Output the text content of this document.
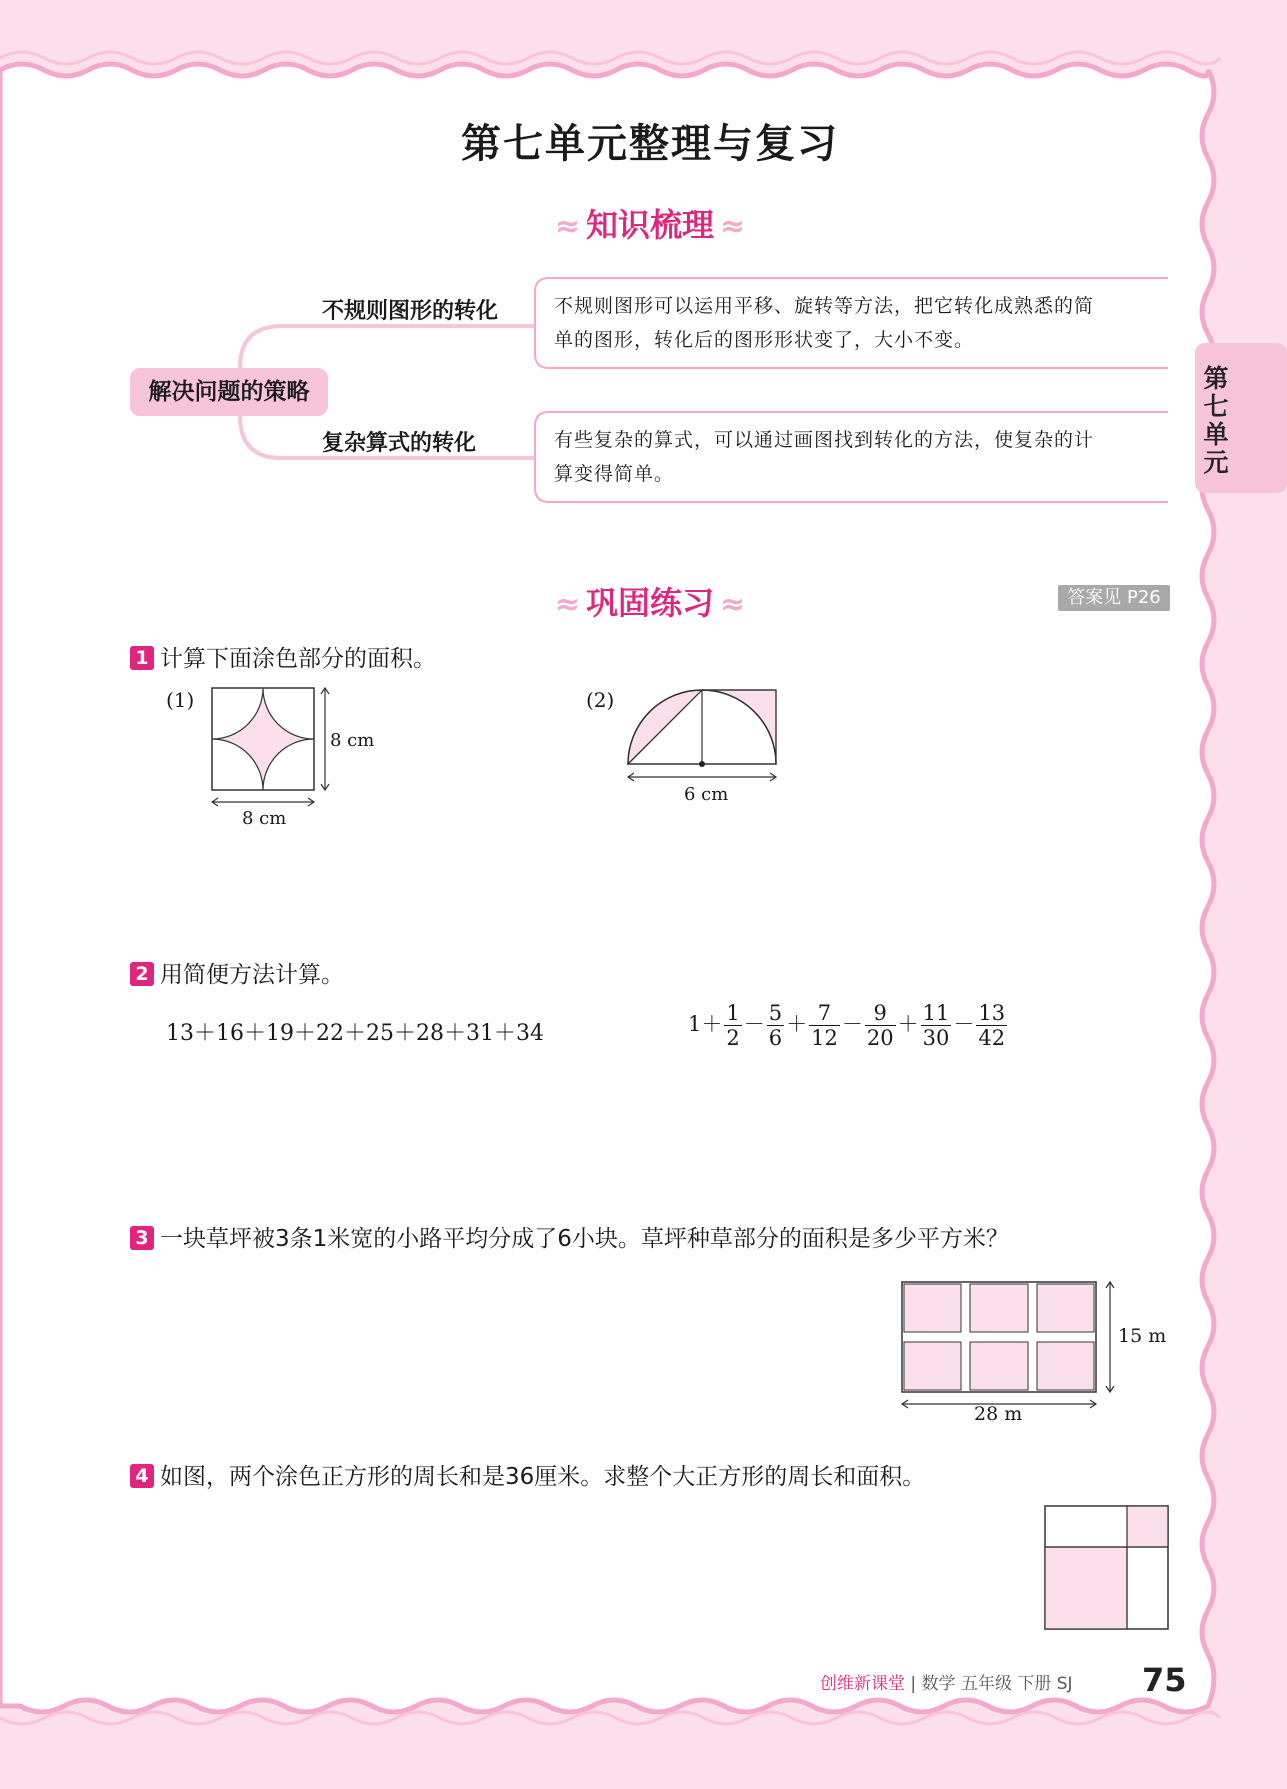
第七单元
第七单元整理与复习
≈ 知识梳理 ≈
解决问题的策略
不规则图形的转化
复杂算式的转化
不规则图形可以运用平移、旋转等方法，把它转化成熟悉的简
单的图形，转化后的图形形状变了，大小不变。
有些复杂的算式，可以通过画图找到转化的方法，使复杂的计
算变得简单。
≈ 巩固练习 ≈	答案见 P26
1 计算下面涂色部分的面积。
(1)
8 cm
8 cm
(2)
6 cm
2 用简便方法计算。
13＋16＋19＋22＋25＋28＋31＋34	$1+ \frac{1}{2} - \frac{5}{6} + \frac{7}{12} - \frac{9}{20} + \frac{11}{30} - \frac{13}{42}$
3 一块草坪被3条1米宽的小路平均分成了6小块。草坪种草部分的面积是多少平方米？
15 m
28 m
4 如图，两个涂色正方形的周长和是36厘米。求整个大正方形的周长和面积。
创维新课堂 | 数学 五年级 下册 SJ 75
